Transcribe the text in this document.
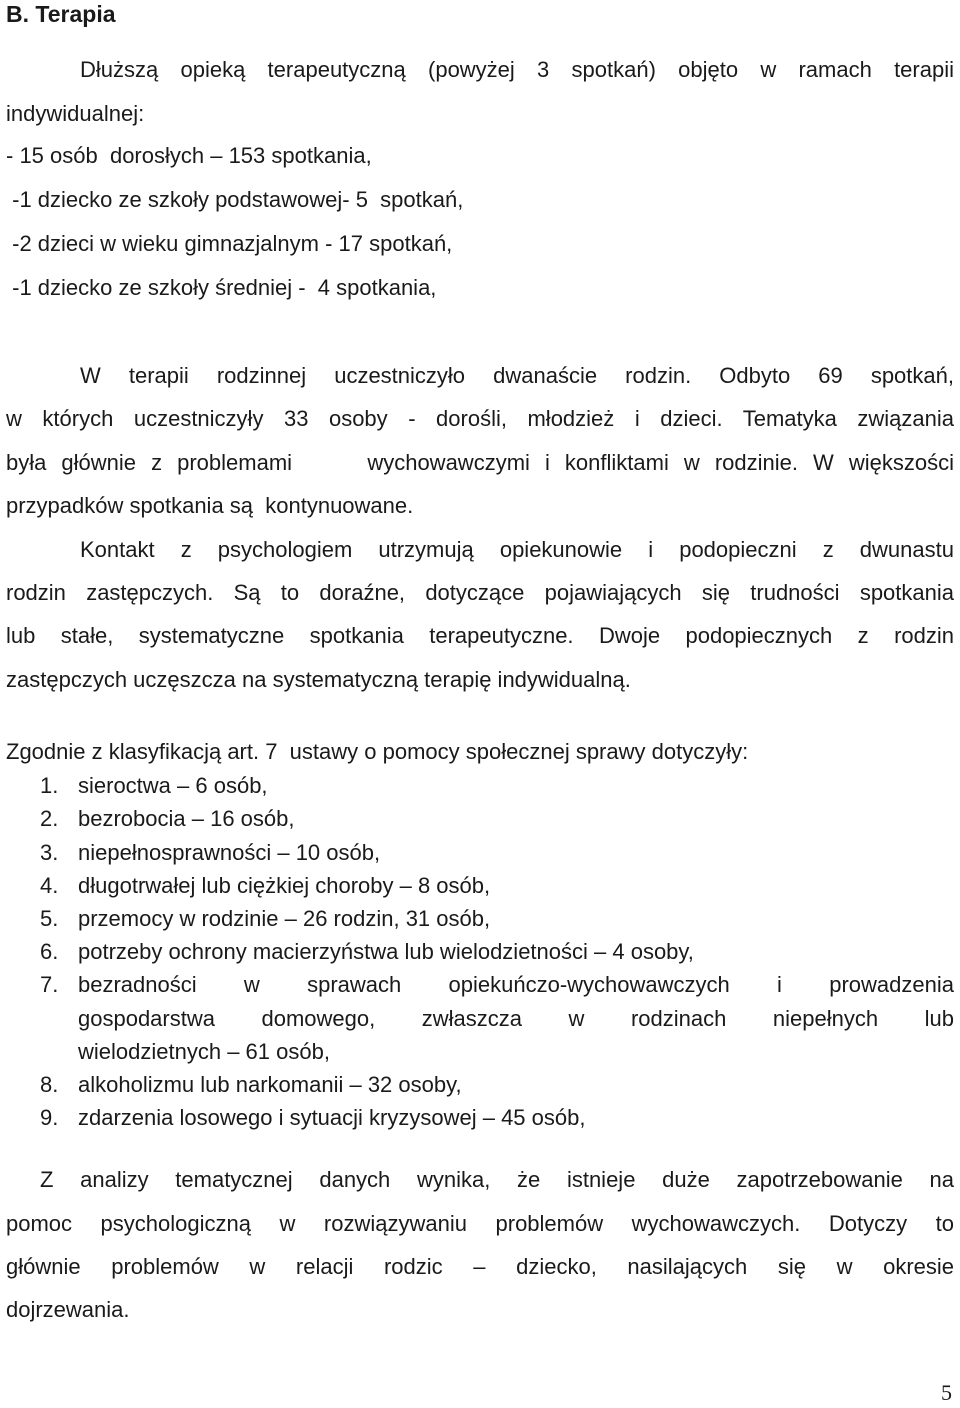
B. Terapia
Dłuższą opieką terapeutyczną (powyżej 3 spotkań) objęto w ramach terapii
indywidualnej:
- 15 osób  dorosłych – 153 spotkania,
-1 dziecko ze szkoły podstawowej- 5  spotkań,
-2 dzieci w wieku gimnazjalnym - 17 spotkań,
-1 dziecko ze szkoły średniej -  4 spotkania,
W terapii rodzinnej uczestniczyło dwanaście rodzin. Odbyto 69 spotkań,
w których uczestniczyły 33 osoby - dorośli, młodzież i dzieci. Tematyka związania
była głównie z problemami     wychowawczymi i konfliktami w rodzinie. W większości
przypadków spotkania są  kontynuowane.
Kontakt z psychologiem utrzymują opiekunowie i podopieczni z dwunastu
rodzin zastępczych. Są to doraźne, dotyczące pojawiających się trudności spotkania
lub stałe, systematyczne spotkania terapeutyczne. Dwoje podopiecznych z rodzin
zastępczych uczęszcza na systematyczną terapię indywidualną.
Zgodnie z klasyfikacją art. 7  ustawy o pomocy społecznej sprawy dotyczyły:
1. sieroctwa – 6 osób,
2. bezrobocia – 16 osób,
3. niepełnosprawności – 10 osób,
4. długotrwałej lub ciężkiej choroby – 8 osób,
5. przemocy w rodzinie – 26 rodzin, 31 osób,
6. potrzeby ochrony macierzyństwa lub wielodzietności – 4 osoby,
7. bezradności w sprawach opiekuńczo-wychowawczych i prowadzenia
gospodarstwa domowego, zwłaszcza w rodzinach niepełnych lub
wielodzietnych – 61 osób,
8. alkoholizmu lub narkomanii – 32 osoby,
9. zdarzenia losowego i sytuacji kryzysowej – 45 osób,
Z analizy tematycznej danych wynika, że istnieje duże zapotrzebowanie na
pomoc psychologiczną w rozwiązywaniu problemów wychowawczych. Dotyczy to
głównie problemów w relacji rodzic – dziecko, nasilających się w okresie
dojrzewania.
5
